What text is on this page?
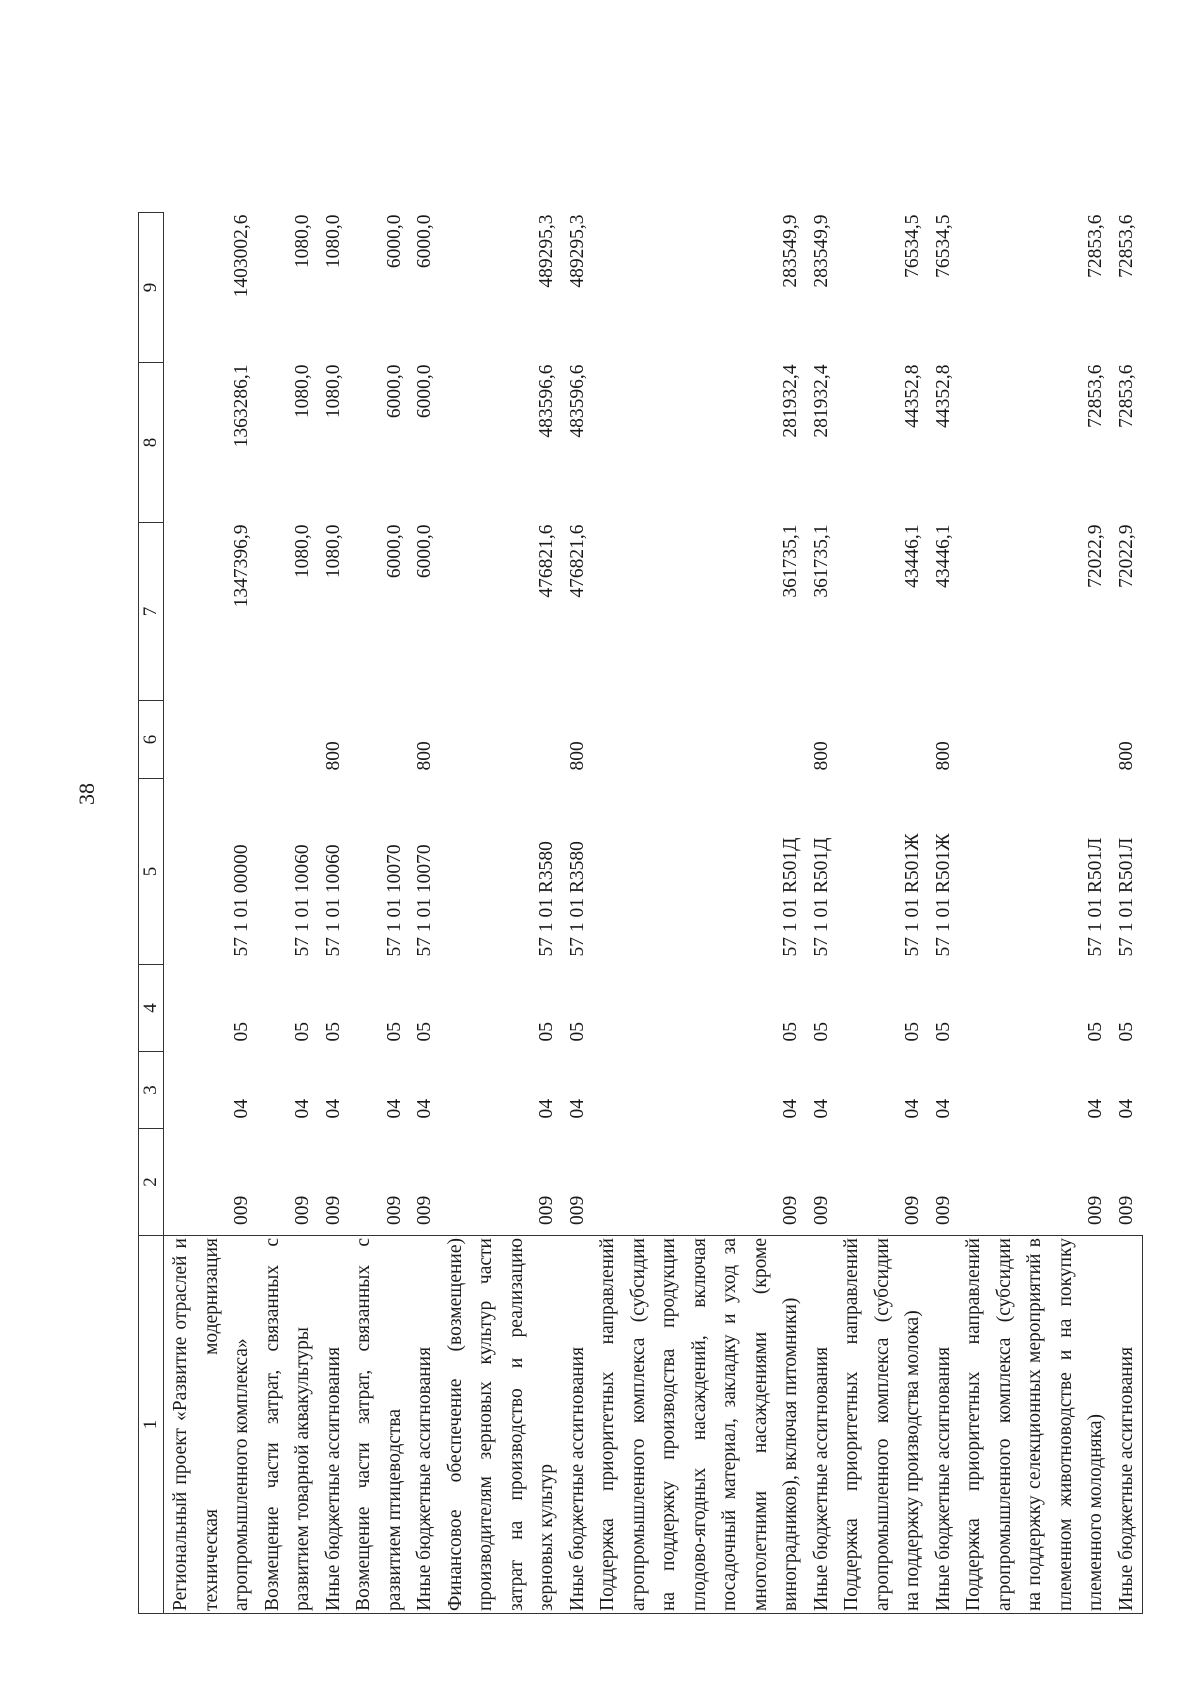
38
1	2	3	4	5	6	7	8	9
Региональный проект «Развитие отраслей и техническая модернизация агропромышленного комплекса»	009	04	05	57 1 01 00000		1347396,9	1363286,1	1403002,6
Возмещение части затрат, связанных с развитием товарной аквакультуры	009	04	05	57 1 01 10060		1080,0	1080,0	1080,0
Иные бюджетные ассигнования	009	04	05	57 1 01 10060	800	1080,0	1080,0	1080,0
Возмещение части затрат, связанных с развитием птицеводства	009	04	05	57 1 01 10070		6000,0	6000,0	6000,0
Иные бюджетные ассигнования	009	04	05	57 1 01 10070	800	6000,0	6000,0	6000,0
Финансовое обеспечение (возмещение) производителям зерновых культур части затрат на производство и реализацию зерновых культур	009	04	05	57 1 01 R3580		476821,6	483596,6	489295,3
Иные бюджетные ассигнования	009	04	05	57 1 01 R3580	800	476821,6	483596,6	489295,3
Поддержка приоритетных направлений агропромышленного комплекса (субсидии на поддержку производства продукции плодово-ягодных насаждений, включая посадочный материал, закладку и уход за многолетними насаждениями (кроме виноградников), включая питомники)	009	04	05	57 1 01 R501Д		361735,1	281932,4	283549,9
Иные бюджетные ассигнования	009	04	05	57 1 01 R501Д	800	361735,1	281932,4	283549,9
Поддержка приоритетных направлений агропромышленного комплекса (субсидии на поддержку производства молока)	009	04	05	57 1 01 R501Ж		43446,1	44352,8	76534,5
Иные бюджетные ассигнования	009	04	05	57 1 01 R501Ж	800	43446,1	44352,8	76534,5
Поддержка приоритетных направлений агропромышленного комплекса (субсидии на поддержку селекционных мероприятий в племенном животноводстве и на покупку племенного молодняка)	009	04	05	57 1 01 R501Л		72022,9	72853,6	72853,6
Иные бюджетные ассигнования	009	04	05	57 1 01 R501Л	800	72022,9	72853,6	72853,6
